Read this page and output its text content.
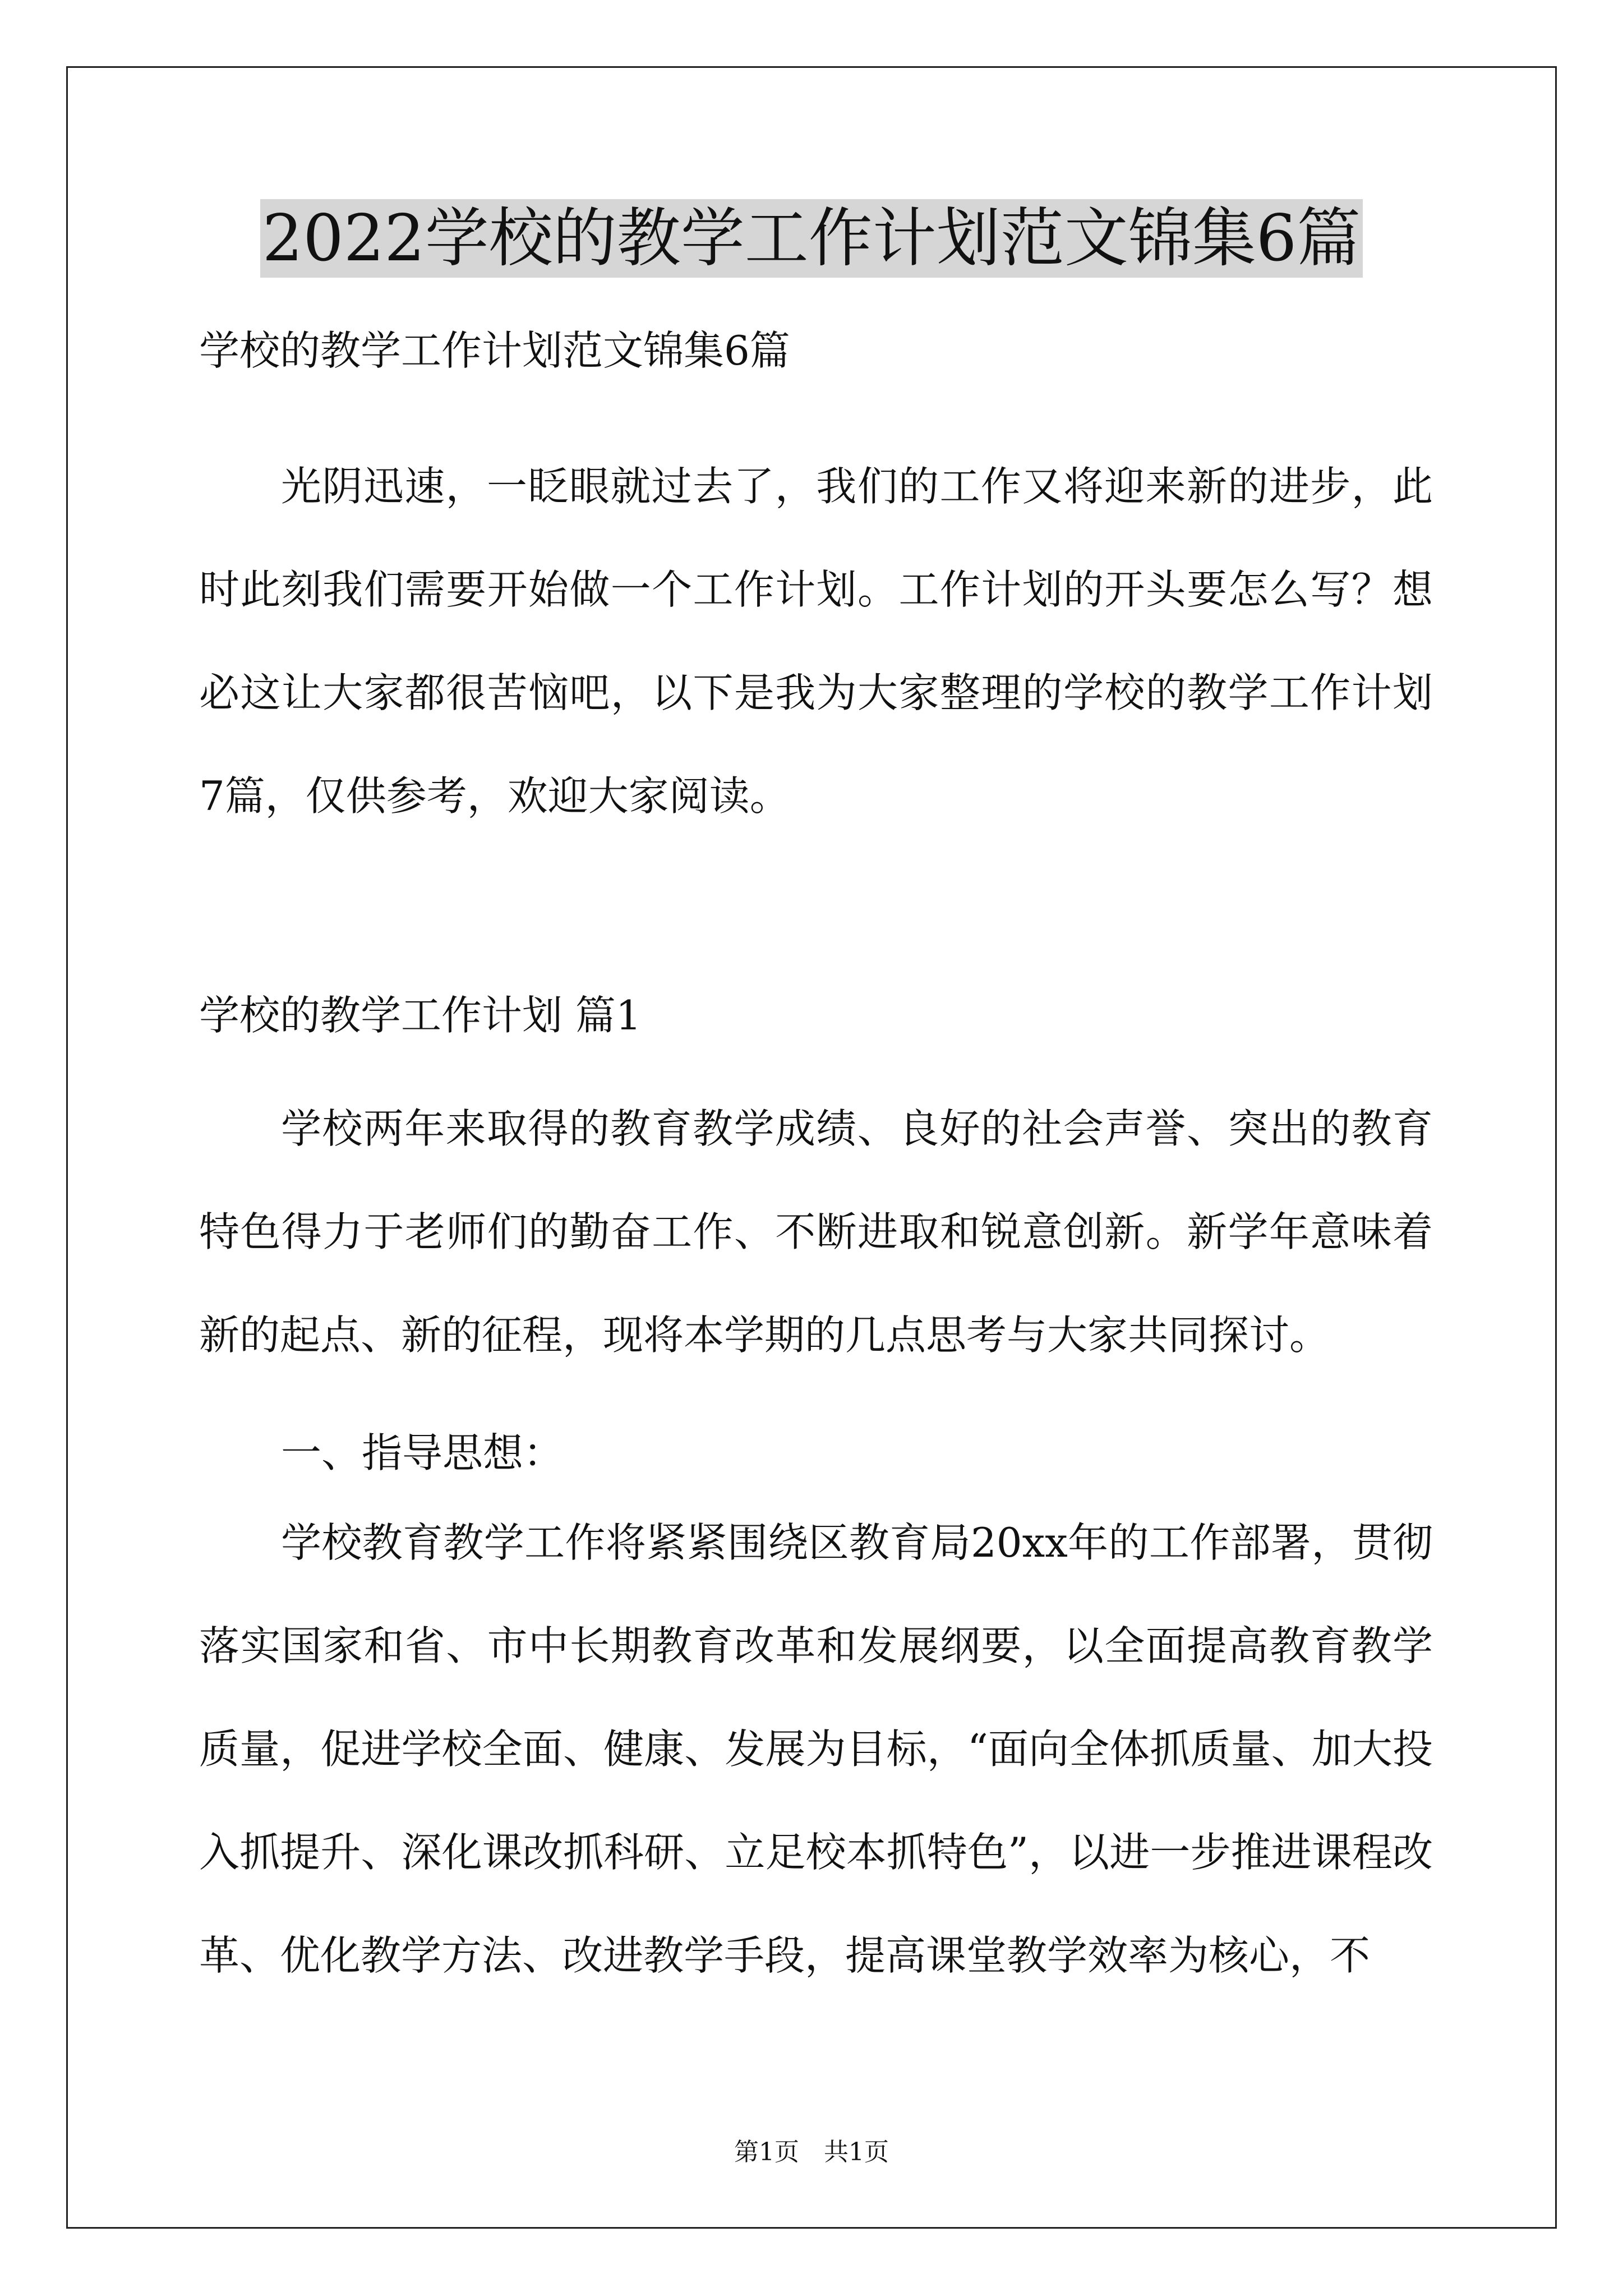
2022学校的教学工作计划范文锦集6篇
学校的教学工作计划范文锦集6篇
光阴迅速，一眨眼就过去了，我们的工作又将迎来新的进步，此时此刻我们需要开始做一个工作计划。工作计划的开头要怎么写？想必这让大家都很苦恼吧，以下是我为大家整理的学校的教学工作计划7篇，仅供参考，欢迎大家阅读。
学校的教学工作计划 篇1
学校两年来取得的教育教学成绩、良好的社会声誉、突出的教育特色得力于老师们的勤奋工作、不断进取和锐意创新。新学年意味着新的起点、新的征程，现将本学期的几点思考与大家共同探讨。
一、指导思想：
学校教育教学工作将紧紧围绕区教育局20xx年的工作部署，贯彻落实国家和省、市中长期教育改革和发展纲要，以全面提高教育教学质量，促进学校全面、健康、发展为目标，“面向全体抓质量、加大投入抓提升、深化课改抓科研、立足校本抓特色”，以进一步推进课程改革、优化教学方法、改进教学手段，提高课堂教学效率为核心，不
第1页　共1页
